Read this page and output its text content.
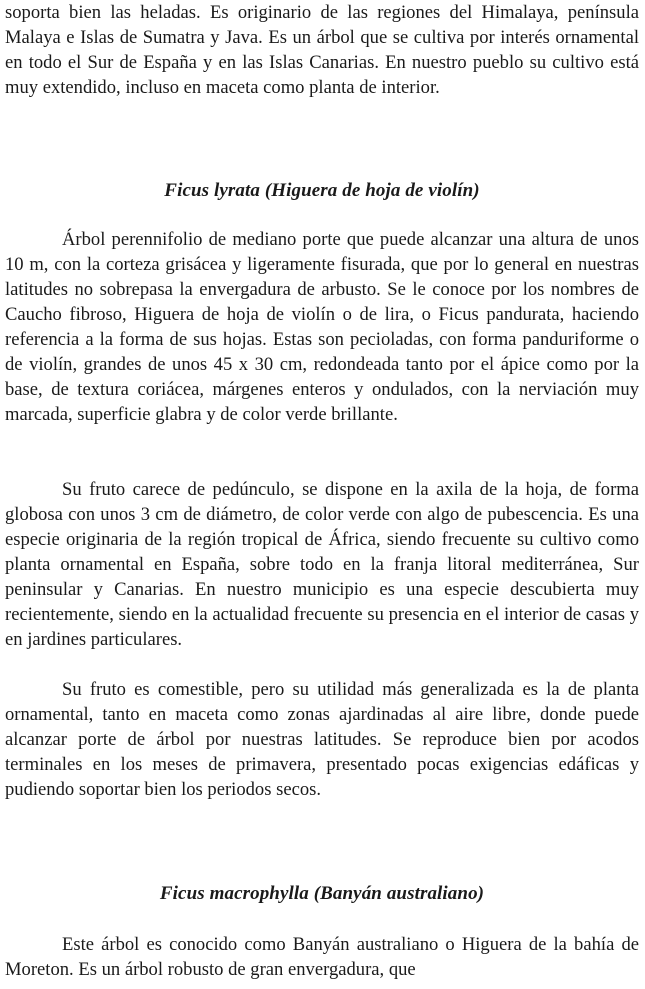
soporta bien las heladas. Es originario de las regiones del Himalaya, península Malaya e Islas de Sumatra y Java. Es un árbol que se cultiva por interés ornamental en todo el Sur de España y en las Islas Canarias. En nuestro pueblo su cultivo está muy extendido, incluso en maceta como planta de interior.

Ficus lyrata (Higuera de hoja de violín)

Árbol perennifolio de mediano porte que puede alcanzar una altura de unos 10 m, con la corteza grisácea y ligeramente fisurada, que por lo general en nuestras latitudes no sobrepasa la envergadura de arbusto. Se le conoce por los nombres de Caucho fibroso, Higuera de hoja de violín o de lira, o Ficus pandurata, haciendo referencia a la forma de sus hojas. Estas son pecioladas, con forma panduriforme o de violín, grandes de unos 45 x 30 cm, redondeada tanto por el ápice como por la base, de textura coriácea, márgenes enteros y ondulados, con la nerviación muy marcada, superficie glabra y de color verde brillante.

Su fruto carece de pedúnculo, se dispone en la axila de la hoja, de forma globosa con unos 3 cm de diámetro, de color verde con algo de pubescencia. Es una especie originaria de la región tropical de África, siendo frecuente su cultivo como planta ornamental en España, sobre todo en la franja litoral mediterránea, Sur peninsular y Canarias. En nuestro municipio es una especie descubierta muy recientemente, siendo en la actualidad frecuente su presencia en el interior de casas y en jardines particulares.

Su fruto es comestible, pero su utilidad más generalizada es la de planta ornamental, tanto en maceta como zonas ajardinadas al aire libre, donde puede alcanzar porte de árbol por nuestras latitudes. Se reproduce bien por acodos terminales en los meses de primavera, presentado pocas exigencias edáficas y pudiendo soportar bien los periodos secos.

Ficus macrophylla (Banyán australiano)

Este árbol es conocido como Banyán australiano o Higuera de la bahía de Moreton. Es un árbol robusto de gran envergadura, que
